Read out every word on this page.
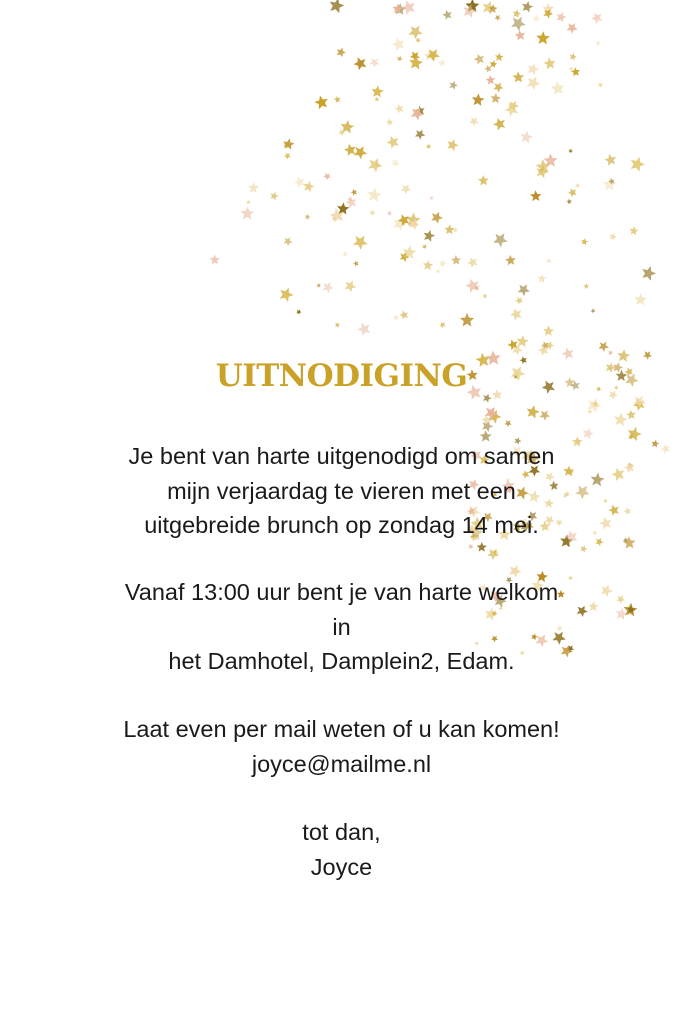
UITNODIGING
Je bent van harte uitgenodigd om samen
mijn verjaardag te vieren met een
uitgebreide brunch op zondag 14 mei.
Vanaf 13:00 uur bent je van harte welkom
in
het Damhotel, Damplein2, Edam.
Laat even per mail weten of u kan komen!
joyce@mailme.nl
tot dan,
Joyce
